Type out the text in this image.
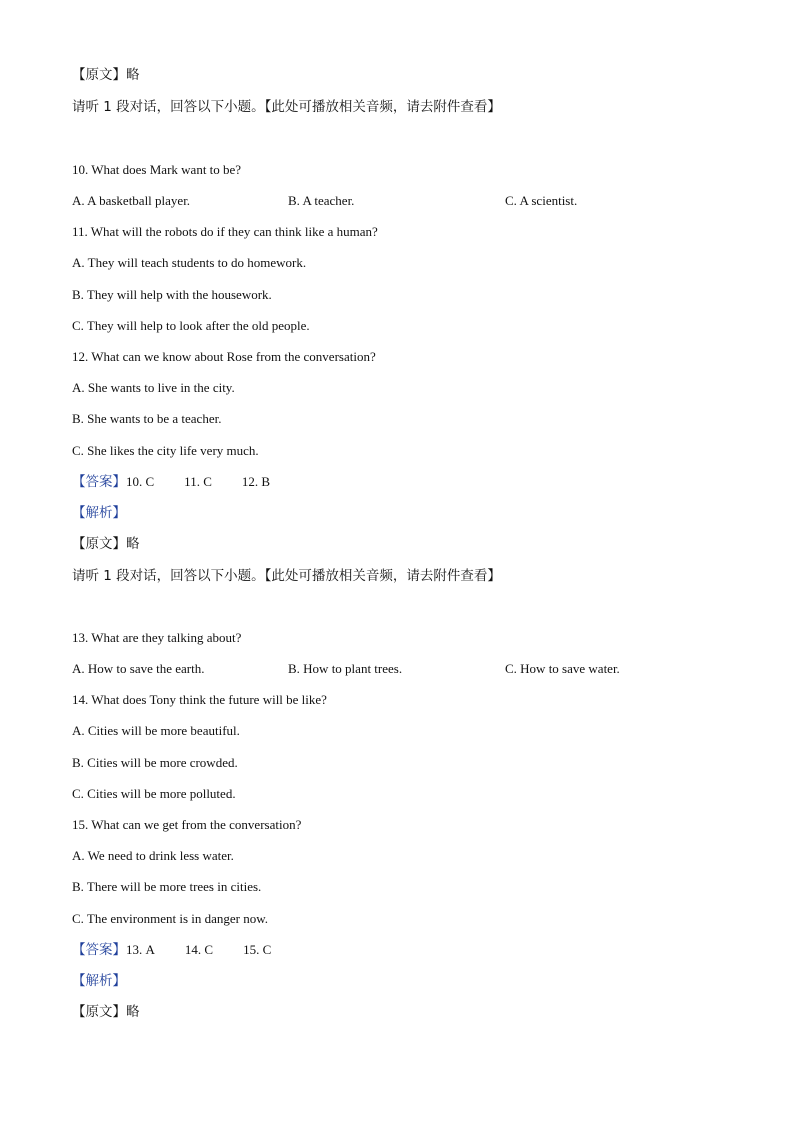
【原文】略
请听 1 段对话，回答以下小题。【此处可播放相关音频，请去附件查看】
10. What does Mark want to be?
A. A basketball player.	B. A teacher.	C. A scientist.
11. What will the robots do if they can think like a human?
A. They will teach students to do homework.
B. They will help with the housework.
C. They will help to look after the old people.
12. What can we know about Rose from the conversation?
A. She wants to live in the city.
B. She wants to be a teacher.
C. She likes the city life very much.
【答案】10. C 11. C 12. B
【解析】
【原文】略
请听 1 段对话，回答以下小题。【此处可播放相关音频，请去附件查看】
13. What are they talking about?
A. How to save the earth.	B. How to plant trees.	C. How to save water.
14. What does Tony think the future will be like?
A. Cities will be more beautiful.
B. Cities will be more crowded.
C. Cities will be more polluted.
15. What can we get from the conversation?
A. We need to drink less water.
B. There will be more trees in cities.
C. The environment is in danger now.
【答案】13. A 14. C 15. C
【解析】
【原文】略
